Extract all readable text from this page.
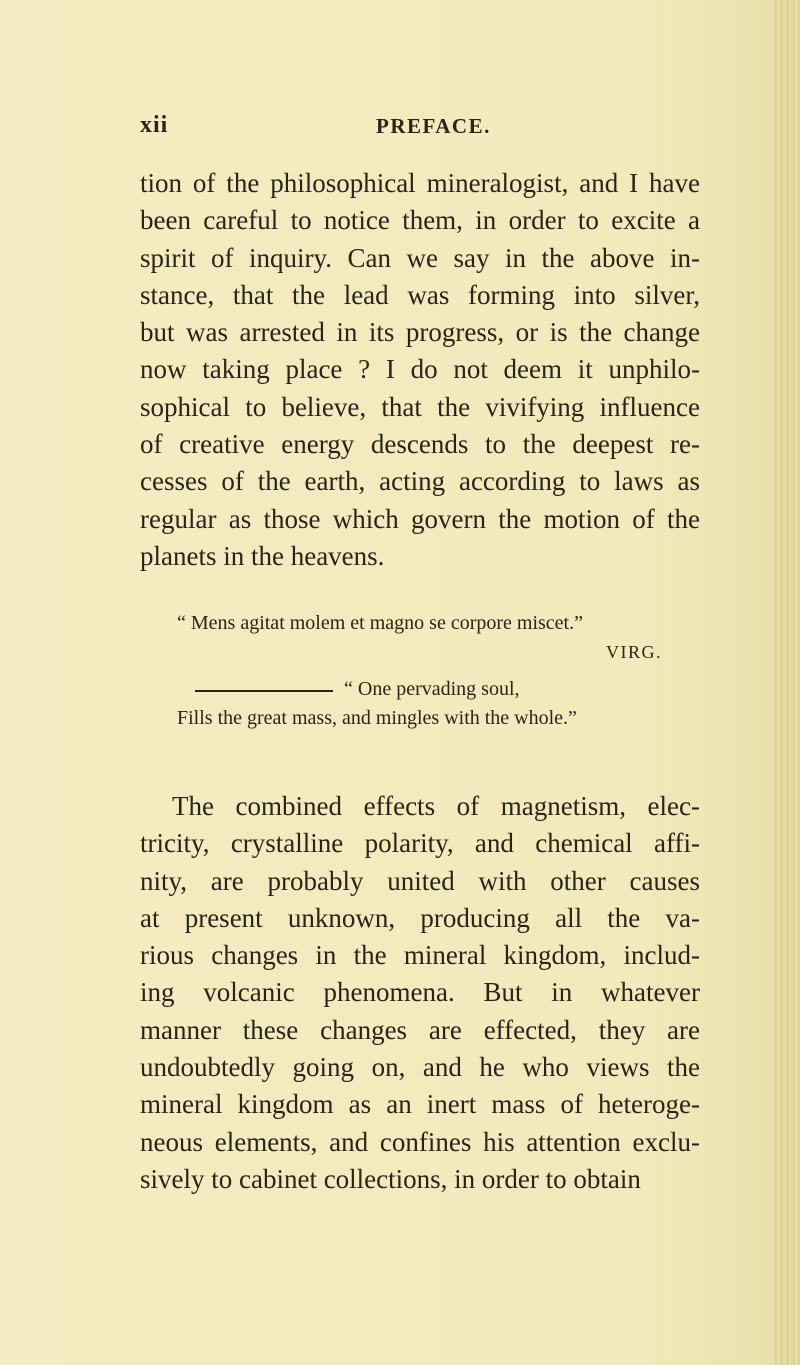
xii	PREFACE.
tion of the philosophical mineralogist, and I have
been careful to notice them, in order to excite a
spirit of inquiry. Can we say in the above in-
stance, that the lead was forming into silver,
but was arrested in its progress, or is the change
now taking place ? I do not deem it unphilo-
sophical to believe, that the vivifying influence
of creative energy descends to the deepest re-
cesses of the earth, acting according to laws as
regular as those which govern the motion of the
planets in the heavens.
“ Mens agitat molem et magno se corpore miscet.”
VIRG.
“ One pervading soul,
Fills the great mass, and mingles with the whole.”
The combined effects of magnetism, elec-
tricity, crystalline polarity, and chemical affi-
nity, are probably united with other causes
at present unknown, producing all the va-
rious changes in the mineral kingdom, includ-
ing volcanic phenomena. But in whatever
manner these changes are effected, they are
undoubtedly going on, and he who views the
mineral kingdom as an inert mass of heteroge-
neous elements, and confines his attention exclu-
sively to cabinet collections, in order to obtain
